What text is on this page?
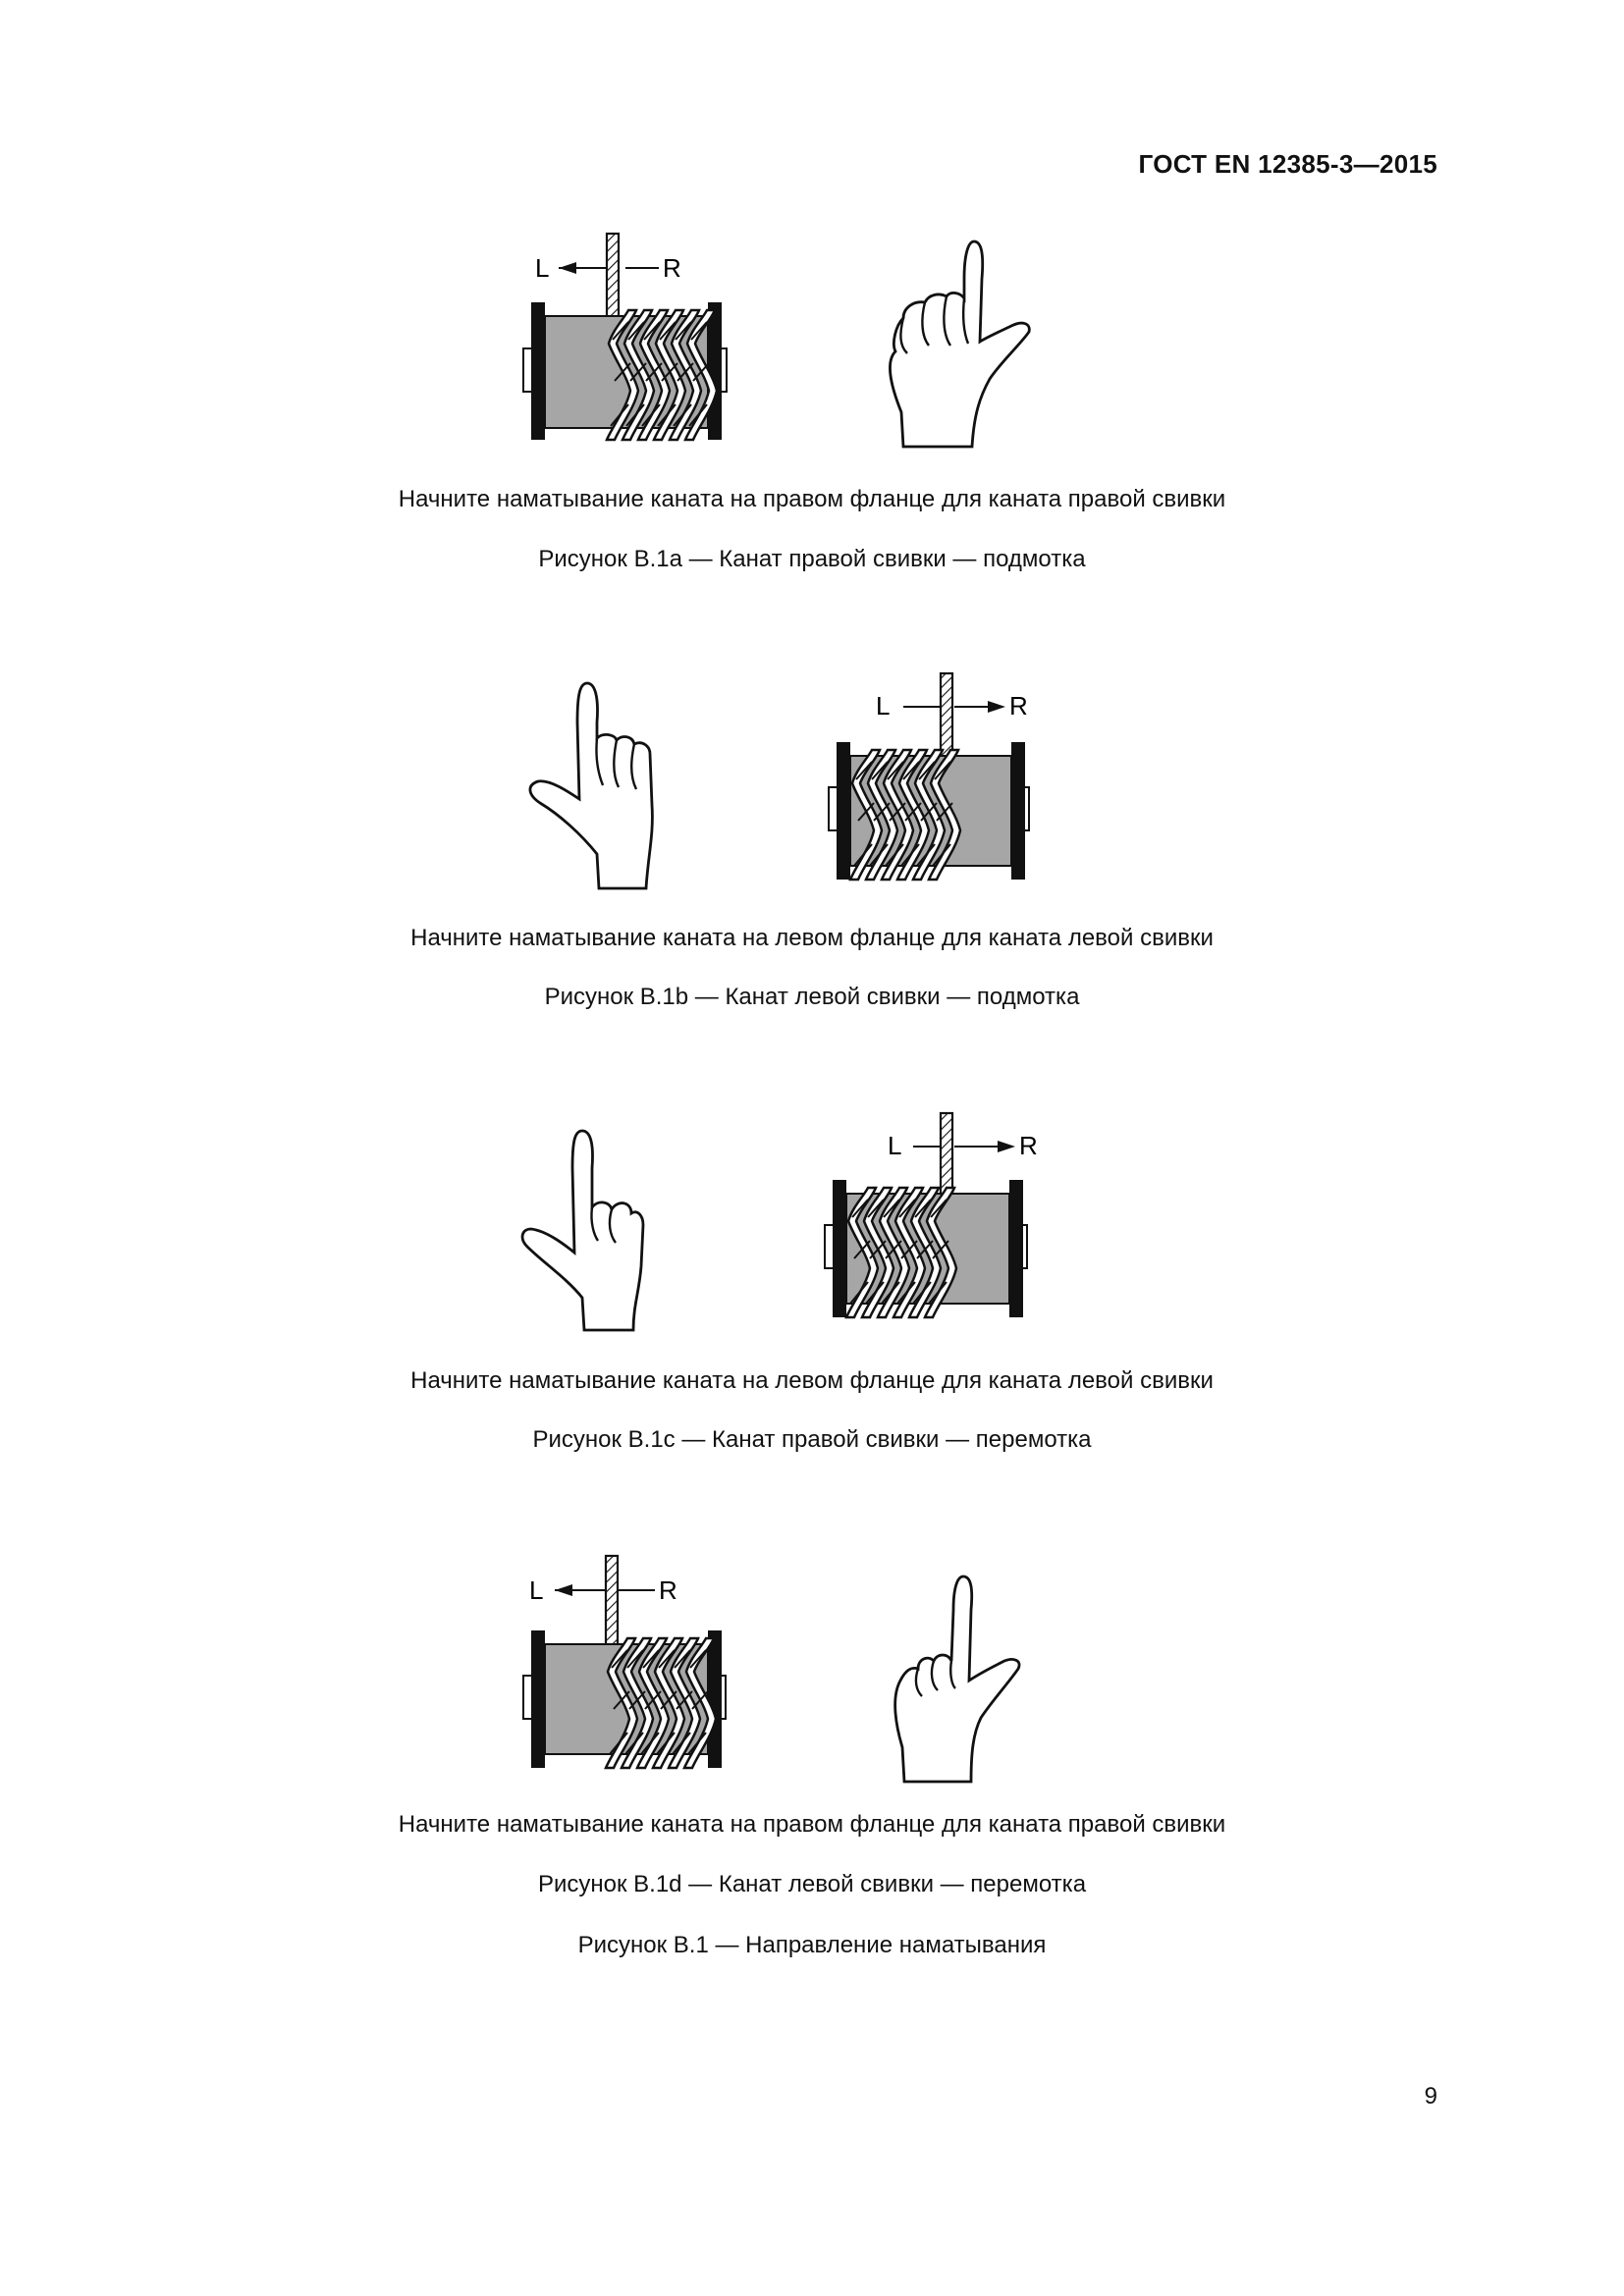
ГОСТ EN 12385-3—2015
L	R
Начните наматывание каната на правом фланце для каната правой свивки
Рисунок B.1a — Канат правой свивки — подмотка
L	R
Начните наматывание каната на левом фланце для каната левой свивки
Рисунок B.1b — Канат левой свивки — подмотка
L	R
Начните наматывание каната на левом фланце для каната левой свивки
Рисунок B.1c — Канат правой свивки — перемотка
L	R
Начните наматывание каната на правом фланце для каната правой свивки
Рисунок B.1d — Канат левой свивки — перемотка
Рисунок B.1 — Направление наматывания
9
